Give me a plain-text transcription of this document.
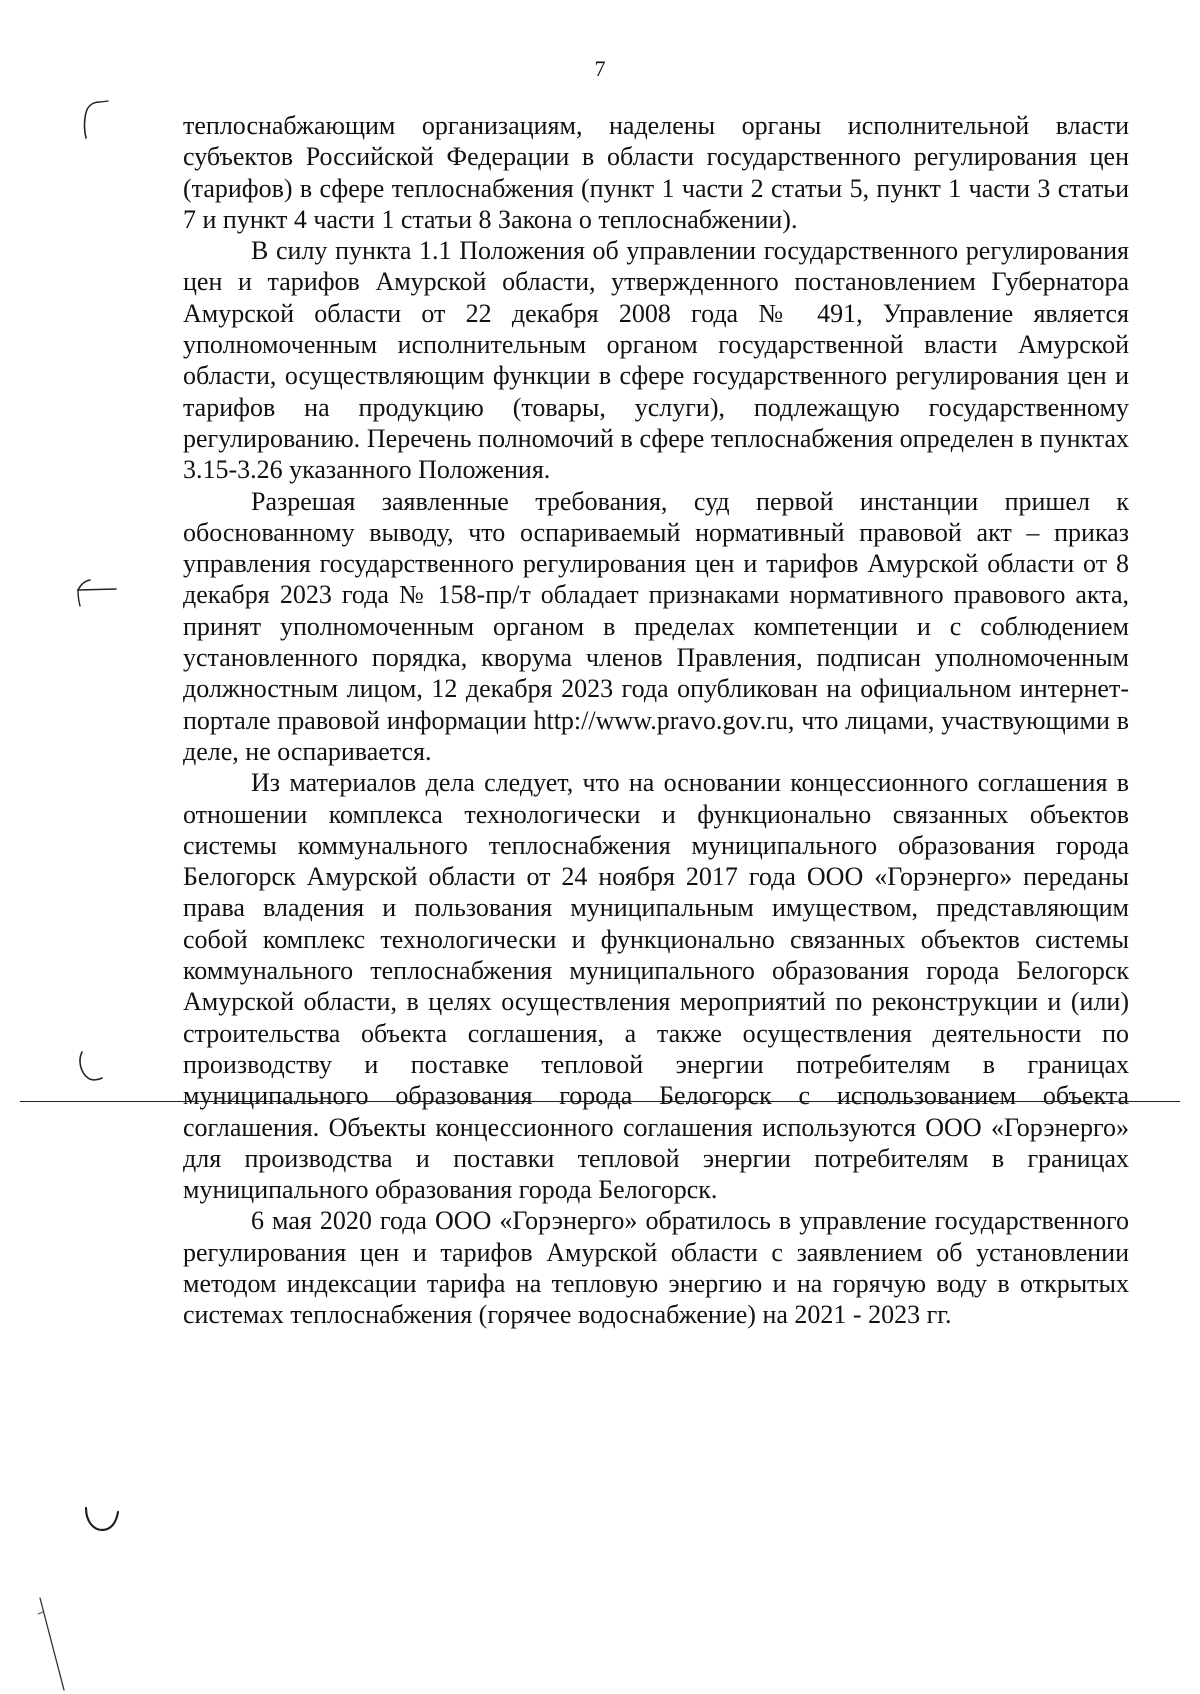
7

теплоснабжающим организациям, наделены органы исполнительной власти субъектов Российской Федерации в области государственного регулирования цен (тарифов) в сфере теплоснабжения (пункт 1 части 2 статьи 5, пункт 1 части 3 статьи 7 и пункт 4 части 1 статьи 8 Закона о теплоснабжении).

В силу пункта 1.1 Положения об управлении государственного регулирования цен и тарифов Амурской области, утвержденного постановлением Губернатора Амурской области от 22 декабря 2008 года № 491, Управление является уполномоченным исполнительным органом государственной власти Амурской области, осуществляющим функции в сфере государственного регулирования цен и тарифов на продукцию (товары, услуги), подлежащую государственному регулированию. Перечень полномочий в сфере теплоснабжения определен в пунктах 3.15-3.26 указанного Положения.

Разрешая заявленные требования, суд первой инстанции пришел к обоснованному выводу, что оспариваемый нормативный правовой акт – приказ управления государственного регулирования цен и тарифов Амурской области от 8 декабря 2023 года № 158-пр/т обладает признаками нормативного правового акта, принят уполномоченным органом в пределах компетенции и с соблюдением установленного порядка, кворума членов Правления, подписан уполномоченным должностным лицом, 12 декабря 2023 года опубликован на официальном интернет-портале правовой информации http://www.pravo.gov.ru, что лицами, участвующими в деле, не оспаривается.

Из материалов дела следует, что на основании концессионного соглашения в отношении комплекса технологически и функционально связанных объектов системы коммунального теплоснабжения муниципального образования города Белогорск Амурской области от 24 ноября 2017 года ООО «Горэнерго» переданы права владения и пользования муниципальным имуществом, представляющим собой комплекс технологически и функционально связанных объектов системы коммунального теплоснабжения муниципального образования города Белогорск Амурской области, в целях осуществления мероприятий по реконструкции и (или) строительства объекта соглашения, а также осуществления деятельности по производству и поставке тепловой энергии потребителям в границах муниципального образования города Белогорск с использованием объекта соглашения. Объекты концессионного соглашения используются ООО «Горэнерго» для производства и поставки тепловой энергии потребителям в границах муниципального образования города Белогорск.

6 мая 2020 года ООО «Горэнерго» обратилось в управление государственного регулирования цен и тарифов Амурской области с заявлением об установлении методом индексации тарифа на тепловую энергию и на горячую воду в открытых системах теплоснабжения (горячее водоснабжение) на 2021 - 2023 гг.
